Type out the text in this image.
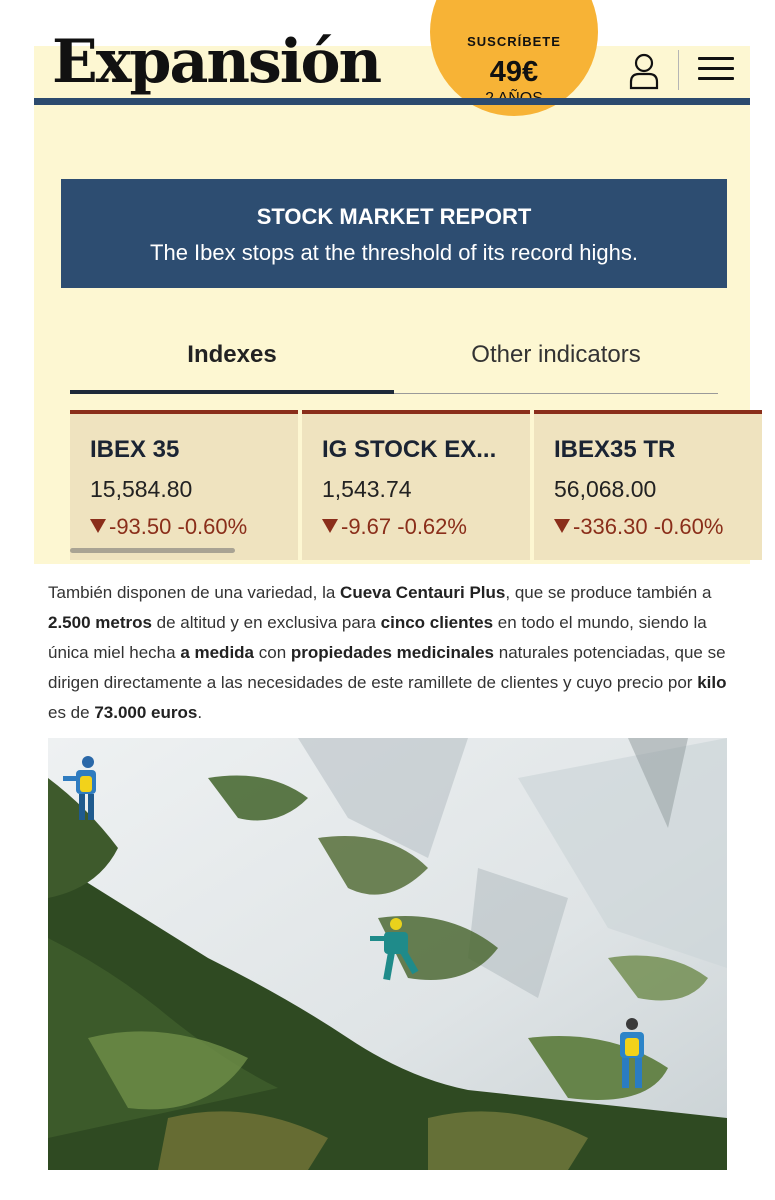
Expansión	SUSCRÍBETE
49€
STOCK MARKET REPORT
The Ibex stops at the threshold of its record highs.
Indexes	Other indicators
IBEX 35
15,584.80
-93.50 -0.60%
IG STOCK EX...
1,543.74
-9.67 -0.62%
IBEX35 TR
56,068.00
-336.30 -0.60%
También disponen de una variedad, la Cueva Centauri Plus, que se produce también a 2.500 metros de altitud y en exclusiva para cinco clientes en todo el mundo, siendo la única miel hecha a medida con propiedades medicinales naturales potenciadas, que se dirigen directamente a las necesidades de este ramillete de clientes y cuyo precio por kilo es de 73.000 euros.
